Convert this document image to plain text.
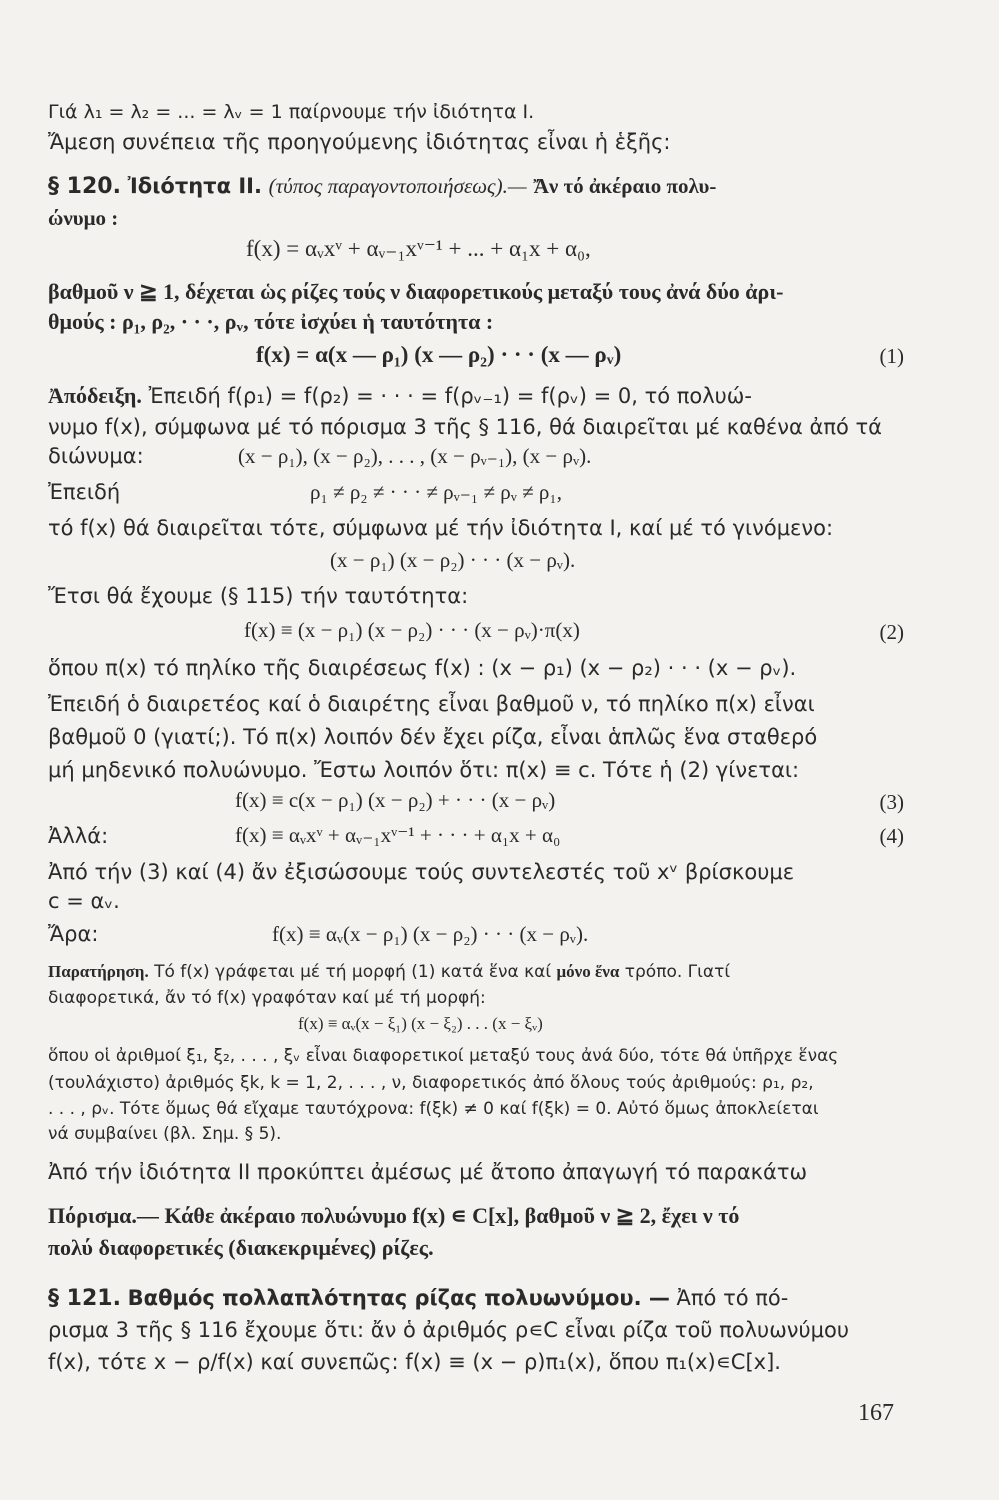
Γιά λ₁ = λ₂ = ... = λᵥ = 1 παίρνουμε τήν ἰδιότητα Ι.
Ἄμεση συνέπεια τῆς προηγούμενης ἰδιότητας εἶναι ἡ ἑξῆς:
§ 120. Ἰδιότητα ΙΙ. (τύπος παραγοντοποιήσεως).— Ἄν τό ἀκέραιο πολυ-
ώνυμο :
f(x) = αᵥxᵛ + αᵥ₋₁xᵛ⁻¹ + ... + α₁x + α₀,
βαθμοῦ ν ≧ 1, δέχεται ὡς ρίζες τούς ν διαφορετικούς μεταξύ τους ἀνά δύο ἀρι-
θμούς : ρ₁, ρ₂, · · ·, ρᵥ, τότε ἰσχύει ἡ ταυτότητα :
f(x) = α(x — ρ₁) (x — ρ₂) · · · (x — ρᵥ)	(1)
Ἀπόδειξη. Ἐπειδή f(ρ₁) = f(ρ₂) = · · · = f(ρᵥ₋₁) = f(ρᵥ) = 0, τό πολυώ-
νυμο f(x), σύμφωνα μέ τό πόρισμα 3 τῆς § 116, θά διαιρεῖται μέ καθένα ἀπό τά
διώνυμα:	(x − ρ₁), (x − ρ₂), . . . , (x − ρᵥ₋₁), (x − ρᵥ).
Ἐπειδή	ρ₁ ≠ ρ₂ ≠ · · · ≠ ρᵥ₋₁ ≠ ρᵥ ≠ ρ₁,
τό f(x) θά διαιρεῖται τότε, σύμφωνα μέ τήν ἰδιότητα Ι, καί μέ τό γινόμενο:
(x − ρ₁) (x − ρ₂) · · · (x − ρᵥ).
Ἔτσι θά ἔχουμε (§ 115) τήν ταυτότητα:
f(x) ≡ (x − ρ₁) (x − ρ₂) · · · (x − ρᵥ)·π(x)	(2)
ὅπου π(x) τό πηλίκο τῆς διαιρέσεως f(x) : (x − ρ₁) (x − ρ₂) · · · (x − ρᵥ).
Ἐπειδή ὁ διαιρετέος καί ὁ διαιρέτης εἶναι βαθμοῦ ν, τό πηλίκο π(x) εἶναι
βαθμοῦ 0 (γιατί;). Τό π(x) λοιπόν δέν ἔχει ρίζα, εἶναι ἁπλῶς ἕνα σταθερό
μή μηδενικό πολυώνυμο. Ἔστω λοιπόν ὅτι: π(x) ≡ c. Τότε ἡ (2) γίνεται:
f(x) ≡ c(x − ρ₁) (x − ρ₂) + · · · (x − ρᵥ)	(3)
Ἀλλά:	f(x) ≡ αᵥxᵛ + αᵥ₋₁xᵛ⁻¹ + · · · + α₁x + α₀	(4)
Ἀπό τήν (3) καί (4) ἄν ἐξισώσουμε τούς συντελεστές τοῦ xᵛ βρίσκουμε
c = αᵥ.
Ἄρα:	f(x) ≡ αᵥ(x − ρ₁) (x − ρ₂) · · · (x − ρᵥ).
Παρατήρηση. Τό f(x) γράφεται μέ τή μορφή (1) κατά ἕνα καί μόνο ἕνα τρόπο. Γιατί
διαφορετικά, ἄν τό f(x) γραφόταν καί μέ τή μορφή:
f(x) ≡ αᵥ(x − ξ₁) (x − ξ₂) . . . (x − ξᵥ)
ὅπου οἱ ἀριθμοί ξ₁, ξ₂, . . . , ξᵥ εἶναι διαφορετικοί μεταξύ τους ἀνά δύο, τότε θά ὑπῆρχε ἕνας
(τουλάχιστο) ἀριθμός ξk, k = 1, 2, . . . , ν, διαφορετικός ἀπό ὅλους τούς ἀριθμούς: ρ₁, ρ₂,
. . . , ρᵥ. Τότε ὅμως θά εἴχαμε ταυτόχρονα: f(ξk) ≠ 0 καί f(ξk) = 0. Αὐτό ὅμως ἀποκλείεται
νά συμβαίνει (βλ. Σημ. § 5).
Ἀπό τήν ἰδιότητα ΙΙ προκύπτει ἀμέσως μέ ἄτοπο ἀπαγωγή τό παρακάτω
Πόρισμα.— Κάθε ἀκέραιο πολυώνυμο f(x) ∊ C[x], βαθμοῦ ν ≧ 2, ἔχει ν τό
πολύ διαφορετικές (διακεκριμένες) ρίζες.
§ 121. Βαθμός πολλαπλότητας ρίζας πολυωνύμου. — Ἀπό τό πό-
ρισμα 3 τῆς § 116 ἔχουμε ὅτι: ἄν ὁ ἀριθμός ρ∊C εἶναι ρίζα τοῦ πολυωνύμου
f(x), τότε x − ρ/f(x) καί συνεπῶς: f(x) ≡ (x − ρ)π₁(x), ὅπου π₁(x)∊C[x].
167
